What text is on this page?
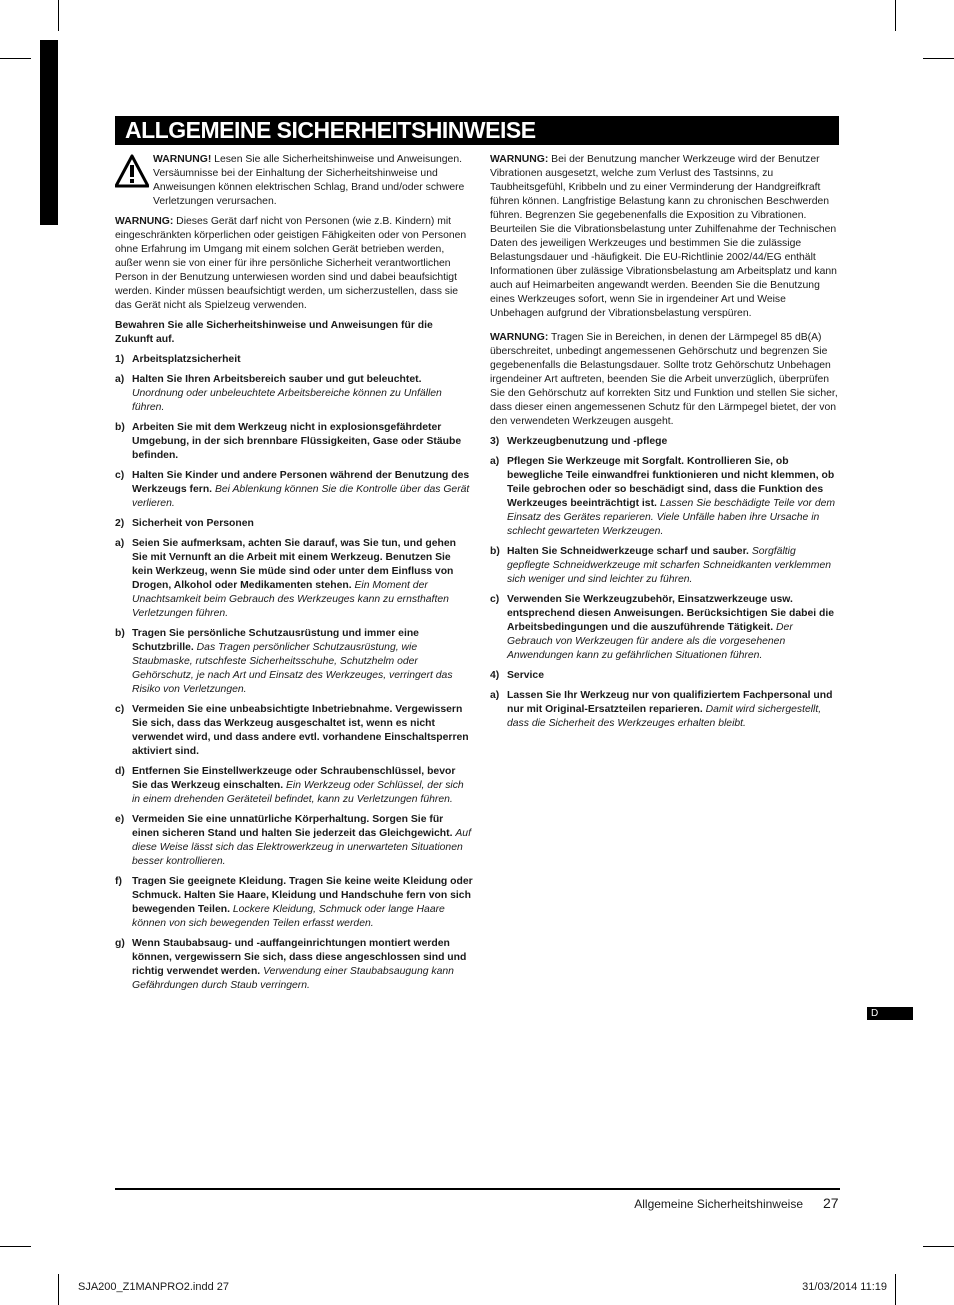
ALLGEMEINE SICHERHEITSHINWEISE
WARNUNG! Lesen Sie alle Sicherheitshinweise und Anweisungen. Versäumnisse bei der Einhaltung der Sicherheitshinweise und Anweisungen können elektrischen Schlag, Brand und/oder schwere Verletzungen verursachen.

WARNUNG: Dieses Gerät darf nicht von Personen (wie z.B. Kindern) mit eingeschränkten körperlichen oder geistigen Fähigkeiten oder von Personen ohne Erfahrung im Umgang mit einem solchen Gerät betrieben werden, außer wenn sie von einer für ihre persönliche Sicherheit verantwortlichen Person in der Benutzung unterwiesen worden sind und dabei beaufsichtigt werden. Kinder müssen beaufsichtigt werden, um sicherzustellen, dass sie das Gerät nicht als Spielzeug verwenden.

Bewahren Sie alle Sicherheitshinweise und Anweisungen für die Zukunft auf.

1) Arbeitsplatzsicherheit
a) Halten Sie Ihren Arbeitsbereich sauber und gut beleuchtet. Unordnung oder unbeleuchtete Arbeitsbereiche können zu Unfällen führen.
b) Arbeiten Sie mit dem Werkzeug nicht in explosionsgefährdeter Umgebung, in der sich brennbare Flüssigkeiten, Gase oder Stäube befinden.
c) Halten Sie Kinder und andere Personen während der Benutzung des Werkzeugs fern. Bei Ablenkung können Sie die Kontrolle über das Gerät verlieren.
2) Sicherheit von Personen
a) Seien Sie aufmerksam, achten Sie darauf, was Sie tun, und gehen Sie mit Vernunft an die Arbeit mit einem Werkzeug. Benutzen Sie kein Werkzeug, wenn Sie müde sind oder unter dem Einfluss von Drogen, Alkohol oder Medikamenten stehen. Ein Moment der Unachtsamkeit beim Gebrauch des Werkzeuges kann zu ernsthaften Verletzungen führen.
b) Tragen Sie persönliche Schutzausrüstung und immer eine Schutzbrille. Das Tragen persönlicher Schutzausrüstung, wie Staubmaske, rutschfeste Sicherheitsschuhe, Schutzhelm oder Gehörschutz, je nach Art und Einsatz des Werkzeuges, verringert das Risiko von Verletzungen.
c) Vermeiden Sie eine unbeabsichtigte Inbetriebnahme. Vergewissern Sie sich, dass das Werkzeug ausgeschaltet ist, wenn es nicht verwendet wird, und dass andere evtl. vorhandene Einschaltsperren aktiviert sind.
d) Entfernen Sie Einstellwerkzeuge oder Schraubenschlüssel, bevor Sie das Werkzeug einschalten. Ein Werkzeug oder Schlüssel, der sich in einem drehenden Geräteteil befindet, kann zu Verletzungen führen.
e) Vermeiden Sie eine unnatürliche Körperhaltung. Sorgen Sie für einen sicheren Stand und halten Sie jederzeit das Gleichgewicht. Auf diese Weise lässt sich das Elektrowerkzeug in unerwarteten Situationen besser kontrollieren.
f) Tragen Sie geeignete Kleidung. Tragen Sie keine weite Kleidung oder Schmuck. Halten Sie Haare, Kleidung und Handschuhe fern von sich bewegenden Teilen. Lockere Kleidung, Schmuck oder lange Haare können von sich bewegenden Teilen erfasst werden.
g) Wenn Staubabsaug- und -auffangeinrichtungen montiert werden können, vergewissern Sie sich, dass diese angeschlossen sind und richtig verwendet werden. Verwendung einer Staubabsaugung kann Gefährdungen durch Staub verringern.

WARNUNG: Bei der Benutzung mancher Werkzeuge wird der Benutzer Vibrationen ausgesetzt, welche zum Verlust des Tastsinns, zu Taubheitsgefühl, Kribbeln und zu einer Verminderung der Handgreifkraft führen können. Langfristige Belastung kann zu chronischen Beschwerden führen. Begrenzen Sie gegebenenfalls die Exposition zu Vibrationen. Beurteilen Sie die Vibrationsbelastung unter Zuhilfenahme der Technischen Daten des jeweiligen Werkzeuges und bestimmen Sie die zulässige Belastungsdauer und -häufigkeit. Die EU-Richtlinie 2002/44/EG enthält Informationen über zulässige Vibrationsbelastung am Arbeitsplatz und kann auch auf Heimarbeiten angewandt werden. Beenden Sie die Benutzung eines Werkzeuges sofort, wenn Sie in irgendeiner Art und Weise Unbehagen aufgrund der Vibrationsbelastung verspüren.

WARNUNG: Tragen Sie in Bereichen, in denen der Lärmpegel 85 dB(A) überschreitet, unbedingt angemessenen Gehörschutz und begrenzen Sie gegebenenfalls die Belastungsdauer. Sollte trotz Gehörschutz Unbehagen irgendeiner Art auftreten, beenden Sie die Arbeit unverzüglich, überprüfen Sie den Gehörschutz auf korrekten Sitz und Funktion und stellen Sie sicher, dass dieser einen angemessenen Schutz für den Lärmpegel bietet, der von den verwendeten Werkzeugen ausgeht.

3) Werkzeugbenutzung und -pflege
a) Pflegen Sie Werkzeuge mit Sorgfalt. Kontrollieren Sie, ob bewegliche Teile einwandfrei funktionieren und nicht klemmen, ob Teile gebrochen oder so beschädigt sind, dass die Funktion des Werkzeuges beeinträchtigt ist. Lassen Sie beschädigte Teile vor dem Einsatz des Gerätes reparieren. Viele Unfälle haben ihre Ursache in schlecht gewarteten Werkzeugen.
b) Halten Sie Schneidwerkzeuge scharf und sauber. Sorgfältig gepflegte Schneidwerkzeuge mit scharfen Schneidkanten verklemmen sich weniger und sind leichter zu führen.
c) Verwenden Sie Werkzeugzubehör, Einsatzwerkzeuge usw. entsprechend diesen Anweisungen. Berücksichtigen Sie dabei die Arbeitsbedingungen und die auszuführende Tätigkeit. Der Gebrauch von Werkzeugen für andere als die vorgesehenen Anwendungen kann zu gefährlichen Situationen führen.
4) Service
a) Lassen Sie Ihr Werkzeug nur von qualifiziertem Fachpersonal und nur mit Original-Ersatzteilen reparieren. Damit wird sichergestellt, dass die Sicherheit des Werkzeuges erhalten bleibt.
D
Allgemeine Sicherheitshinweise 27
SJA200_Z1MANPRO2.indd 27	31/03/2014 11:19
